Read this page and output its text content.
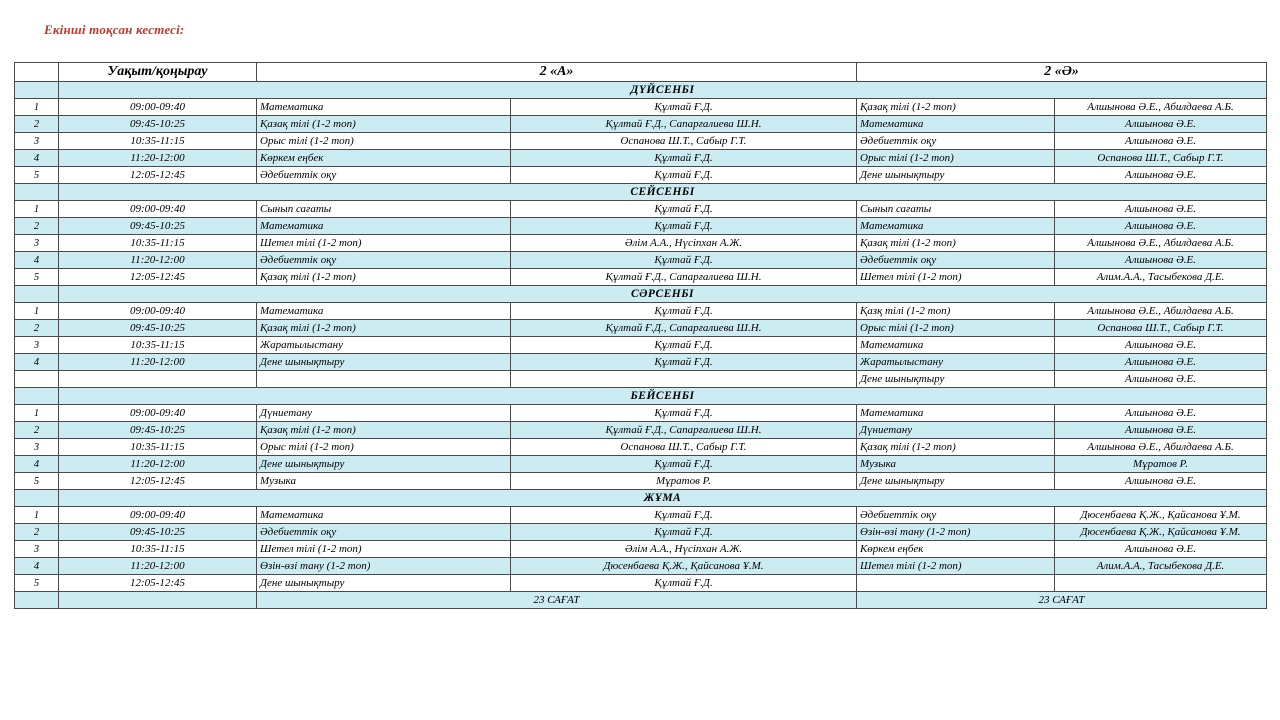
Екінші тоқсан кестесі:
	Уақыт/қоңырау	2 «А»		2 «Ә»	
	ДҮЙСЕНБІ				
1	09:00-09:40	Математика	Құлтай Ғ.Д.	Қазақ тілі (1-2 топ)	Алшынова Ә.Е., Абилдаева А.Б.
2	09:45-10:25	Қазақ тілі (1-2 топ)	Құлтай Ғ.Д., Сапарғалиева Ш.Н.	Математика	Алшынова Ә.Е.
3	10:35-11:15	Орыс тілі (1-2 топ)	Оспанова Ш.Т., Сабыр Г.Т.	Әдебиеттік оқу	Алшынова Ә.Е.
4	11:20-12:00	Көркем еңбек	Құлтай Ғ.Д.	Орыс тілі (1-2 топ)	Оспанова Ш.Т., Сабыр Г.Т.
5	12:05-12:45	Әдебиеттік оқу	Құлтай Ғ.Д.	Дене шынықтыру	Алшынова Ә.Е.
	СЕЙСЕНБІ				
1	09:00-09:40	Сынып сағаты	Құлтай Ғ.Д.	Сынып сағаты	Алшынова Ә.Е.
2	09:45-10:25	Математика	Құлтай Ғ.Д.	Математика	Алшынова Ә.Е.
3	10:35-11:15	Шетел тілі (1-2 топ)	Әлім А.А., Нүсіпхан А.Ж.	Қазақ тілі (1-2 топ)	Алшынова Ә.Е., Абилдаева А.Б.
4	11:20-12:00	Әдебиеттік оқу	Құлтай Ғ.Д.	Әдебиеттік оқу	Алшынова Ә.Е.
5	12:05-12:45	Қазақ тілі (1-2 топ)	Құлтай Ғ.Д., Сапарғалиева Ш.Н.	Шетел тілі (1-2 топ)	Алим.А.А., Тасыбекова Д.Е.
	СӘРСЕНБІ				
1	09:00-09:40	Математика	Құлтай Ғ.Д.	Қазқ тілі (1-2 топ)	Алшынова Ә.Е., Абилдаева А.Б.
2	09:45-10:25	Қазақ тілі (1-2 топ)	Құлтай Ғ.Д., Сапарғалиева Ш.Н.	Орыс тілі (1-2 топ)	Оспанова Ш.Т., Сабыр Г.Т.
3	10:35-11:15	Жаратылыстану	Құлтай Ғ.Д.	Математика	Алшынова Ә.Е.
4	11:20-12:00	Дене шынықтыру	Құлтай Ғ.Д.	Жаратылыстану	Алшынова Ә.Е.
				Дене шынықтыру	Алшынова Ә.Е.
	БЕЙСЕНБІ				
1	09:00-09:40	Дүниетану	Құлтай Ғ.Д.	Математика	Алшынова Ә.Е.
2	09:45-10:25	Қазақ тілі (1-2 топ)	Құлтай Ғ.Д., Сапарғалиева Ш.Н.	Дүниетану	Алшынова Ә.Е.
3	10:35-11:15	Орыс тілі (1-2 топ)	Оспанова Ш.Т., Сабыр Г.Т.	Қазақ тілі (1-2 топ)	Алшынова Ә.Е., Абилдаева А.Б.
4	11:20-12:00	Дене шынықтыру	Құлтай Ғ.Д.	Музыка	Мұратов Р.
5	12:05-12:45	Музыка	Мұратов Р.	Дене шынықтыру	Алшынова Ә.Е.
	ЖҰМА				
1	09:00-09:40	Математика	Құлтай Ғ.Д.	Әдебиеттік оқу	Дюсенбаева Қ.Ж., Қайсанова Ұ.М.
2	09:45-10:25	Әдебиеттік оқу	Құлтай Ғ.Д.	Өзін-өзі тану (1-2 топ)	Дюсенбаева Қ.Ж., Қайсанова Ұ.М.
3	10:35-11:15	Шетел тілі (1-2 топ)	Әлім А.А., Нүсіпхан А.Ж.	Көркем еңбек	Алшынова Ә.Е.
4	11:20-12:00	Өзін-өзі тану (1-2 топ)	Дюсенбаева Қ.Ж., Қайсанова Ұ.М.	Шетел тілі (1-2 топ)	Алим.А.А., Тасыбекова Д.Е.
5	12:05-12:45	Дене шынықтыру	Құлтай Ғ.Д.		
		23 САҒАТ		23 САҒАТ	
